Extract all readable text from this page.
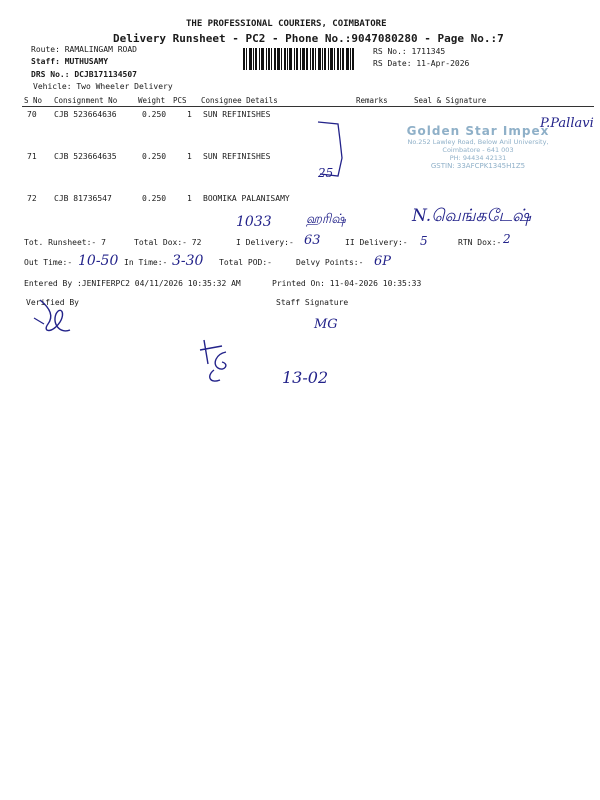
THE PROFESSIONAL COURIERS, COIMBATORE
Delivery Runsheet - PC2 - Phone No.:9047080280 - Page No.:7
Route: RAMALINGAM ROAD
Staff: MUTHUSAMY
DRS No.: DCJB171134507
Vehicle: Two Wheeler Delivery
RS No.: 1711345
RS Date: 11-Apr-2026
S No Consignment No	Weight PCS Consignee Details	Remarks	Seal & Signature
70 CJB 523664636	0.250	1 SUN REFINISHES
71 CJB 523664635	0.250	1 SUN REFINISHES
72 CJB 81736547	0.250	1 BOOMIKA PALANISAMY
Golden Star Impex
No.252 Lawley Road, Below Anil University,
Coimbatore - 641 003
PH: 94434 42131
GSTIN: 33AFCPK1345H1Z5
P.Pallavi
25
1033	ஹரிஷ்	N.வெங்கடேஷ்
Tot. Runsheet:- 7	Total Dox:- 72	I Delivery:- 63	II Delivery:- 5	RTN Dox:- 2
Out Time:- 10-50 In Time:- 3-30 Total POD:-	Delvy Points:- 6P
Entered By :JENIFERPC2 04/11/2026 10:35:32 AM	Printed On: 11-04-2026 10:35:33
Verified By	Staff Signature
MG
13-02
